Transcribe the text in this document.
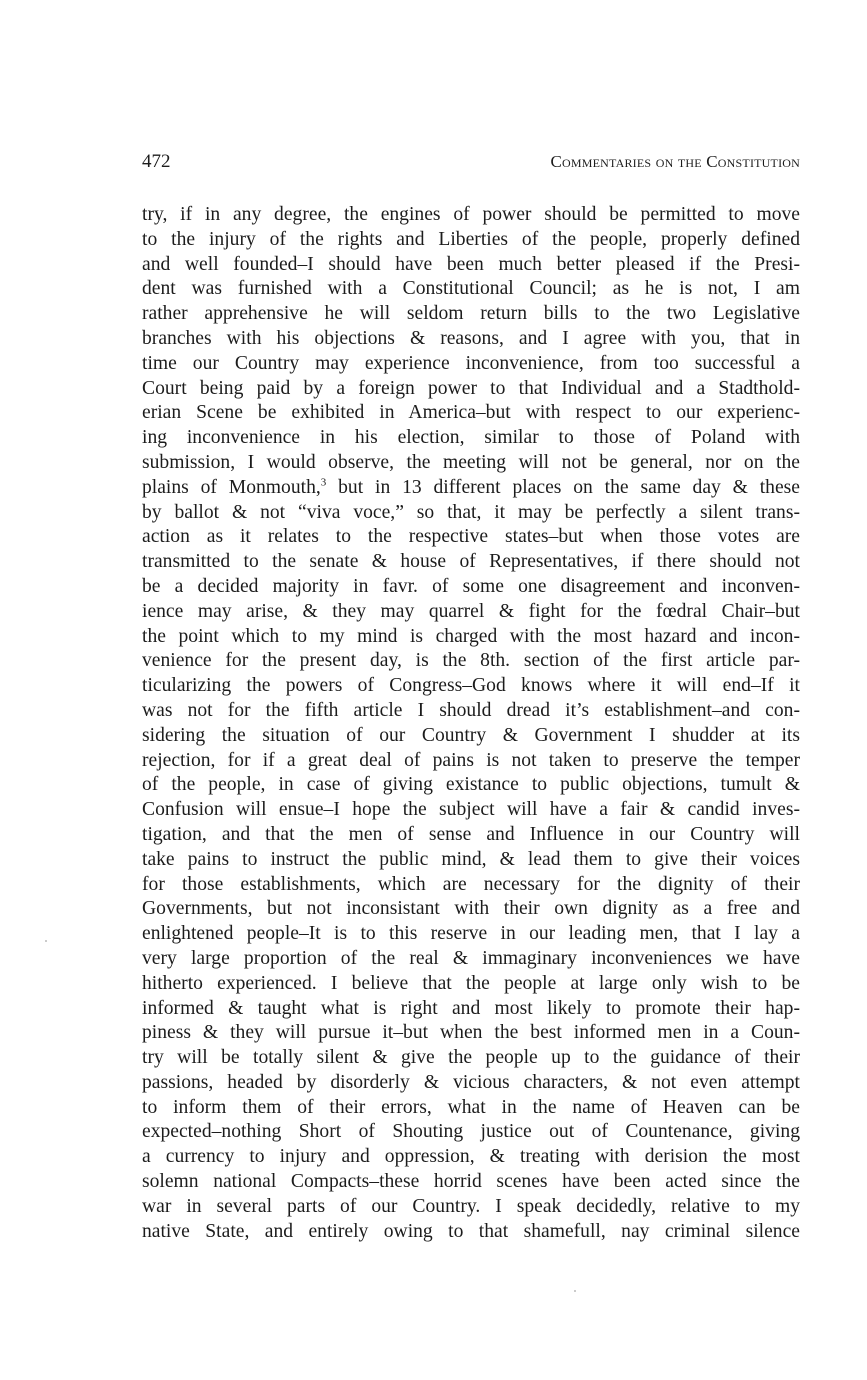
472	Commentaries on the Constitution
try, if in any degree, the engines of power should be permitted to move
to the injury of the rights and Liberties of the people, properly defined
and well founded–I should have been much better pleased if the Presi-
dent was furnished with a Constitutional Council; as he is not, I am
rather apprehensive he will seldom return bills to the two Legislative
branches with his objections & reasons, and I agree with you, that in
time our Country may experience inconvenience, from too successful a
Court being paid by a foreign power to that Individual and a Stadthold-
erian Scene be exhibited in America–but with respect to our experienc-
ing inconvenience in his election, similar to those of Poland with
submission, I would observe, the meeting will not be general, nor on the
plains of Monmouth,$^3$ but in 13 different places on the same day & these
by ballot & not “viva voce,” so that, it may be perfectly a silent trans-
action as it relates to the respective states–but when those votes are
transmitted to the senate & house of Representatives, if there should not
be a decided majority in favr. of some one disagreement and inconven-
ience may arise, & they may quarrel & fight for the fœdral Chair–but
the point which to my mind is charged with the most hazard and incon-
venience for the present day, is the 8th. section of the first article par-
ticularizing the powers of Congress–God knows where it will end–If it
was not for the fifth article I should dread it’s establishment–and con-
sidering the situation of our Country & Government I shudder at its
rejection, for if a great deal of pains is not taken to preserve the temper
of the people, in case of giving existance to public objections, tumult &
Confusion will ensue–I hope the subject will have a fair & candid inves-
tigation, and that the men of sense and Influence in our Country will
take pains to instruct the public mind, & lead them to give their voices
for those establishments, which are necessary for the dignity of their
Governments, but not inconsistant with their own dignity as a free and
enlightened people–It is to this reserve in our leading men, that I lay a
very large proportion of the real & immaginary inconveniences we have
hitherto experienced. I believe that the people at large only wish to be
informed & taught what is right and most likely to promote their hap-
piness & they will pursue it–but when the best informed men in a Coun-
try will be totally silent & give the people up to the guidance of their
passions, headed by disorderly & vicious characters, & not even attempt
to inform them of their errors, what in the name of Heaven can be
expected–nothing Short of Shouting justice out of Countenance, giving
a currency to injury and oppression, & treating with derision the most
solemn national Compacts–these horrid scenes have been acted since the
war in several parts of our Country. I speak decidedly, relative to my
native State, and entirely owing to that shamefull, nay criminal silence
